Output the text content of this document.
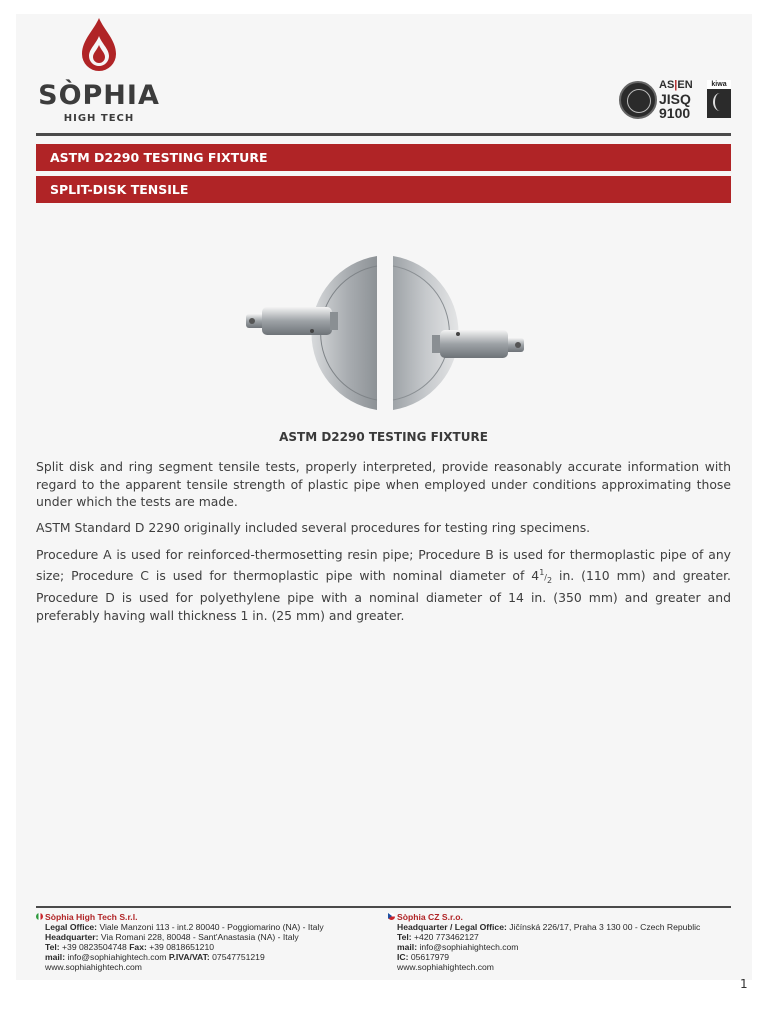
SÒPHIA
HIGH TECH
AS|EN
JISQ
9100
kiwa
ASTM D2290 TESTING FIXTURE
SPLIT-DISK TENSILE
ASTM D2290 TESTING FIXTURE

Split disk and ring segment tensile tests, properly interpreted, provide reasonably accurate information with regard to the apparent tensile strength of plastic pipe when employed under conditions approximating those under which the tests are made.

ASTM Standard D 2290 originally included several procedures for testing ring specimens.

Procedure A is used for reinforced-thermosetting resin pipe; Procedure B is used for thermoplastic pipe of any size; Procedure C is used for thermoplastic pipe with nominal diameter of $4^1/_2$ in. (110 mm) and greater. Procedure D is used for polyethylene pipe with a nominal diameter of 14 in. (350 mm) and greater and preferably having wall thickness 1 in. (25 mm) and greater.

Sòphia High Tech S.r.l.
Legal Office: Viale Manzoni 113 - int.2 80040 - Poggiomarino (NA) - Italy
Headquarter: Via Romani 228, 80048 - Sant'Anastasia (NA) - Italy
Tel: +39 0823504748 Fax: +39 0818651210
mail: info@sophiahightech.com P.IVA/VAT: 07547751219
www.sophiahightech.com
Sòphia CZ S.r.o.
Headquarter / Legal Office: Jičínská 226/17, Praha 3 130 00 - Czech Republic
Tel: +420 773462127
mail: info@sophiahightech.com
IC: 05617979
www.sophiahightech.com
1
